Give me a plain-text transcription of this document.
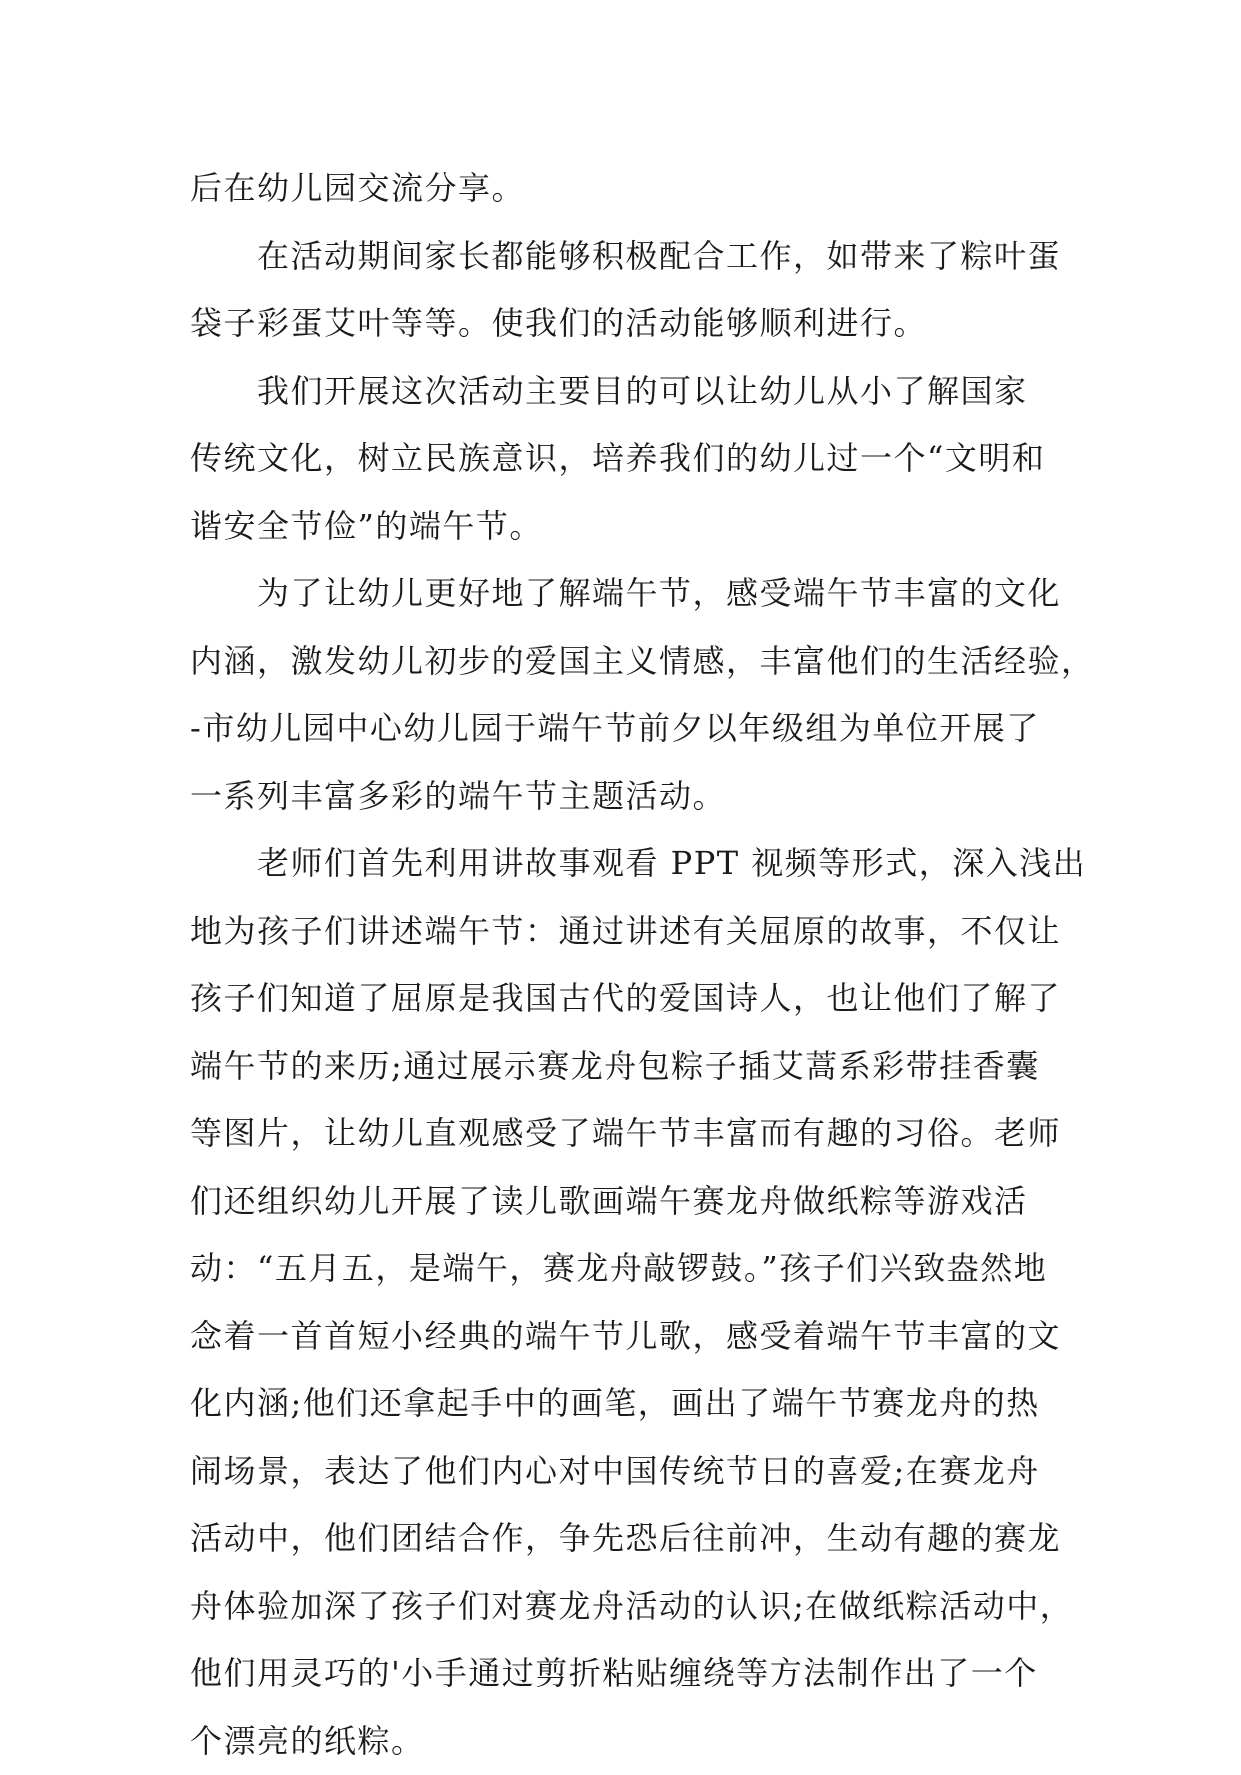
后在幼儿园交流分享。
在活动期间家长都能够积极配合工作，如带来了粽叶蛋
袋子彩蛋艾叶等等。使我们的活动能够顺利进行。
我们开展这次活动主要目的可以让幼儿从小了解国家
传统文化，树立民族意识，培养我们的幼儿过一个“文明和
谐安全节俭”的端午节。
为了让幼儿更好地了解端午节，感受端午节丰富的文化
内涵，激发幼儿初步的爱国主义情感，丰富他们的生活经验，
-市幼儿园中心幼儿园于端午节前夕以年级组为单位开展了
一系列丰富多彩的端午节主题活动。
老师们首先利用讲故事观看 PPT 视频等形式，深入浅出
地为孩子们讲述端午节：通过讲述有关屈原的故事，不仅让
孩子们知道了屈原是我国古代的爱国诗人，也让他们了解了
端午节的来历;通过展示赛龙舟包粽子插艾蒿系彩带挂香囊
等图片，让幼儿直观感受了端午节丰富而有趣的习俗。老师
们还组织幼儿开展了读儿歌画端午赛龙舟做纸粽等游戏活
动：“五月五，是端午，赛龙舟敲锣鼓。”孩子们兴致盎然地
念着一首首短小经典的端午节儿歌，感受着端午节丰富的文
化内涵;他们还拿起手中的画笔，画出了端午节赛龙舟的热
闹场景，表达了他们内心对中国传统节日的喜爱;在赛龙舟
活动中，他们团结合作，争先恐后往前冲，生动有趣的赛龙
舟体验加深了孩子们对赛龙舟活动的认识;在做纸粽活动中，
他们用灵巧的'小手通过剪折粘贴缠绕等方法制作出了一个
个漂亮的纸粽。
